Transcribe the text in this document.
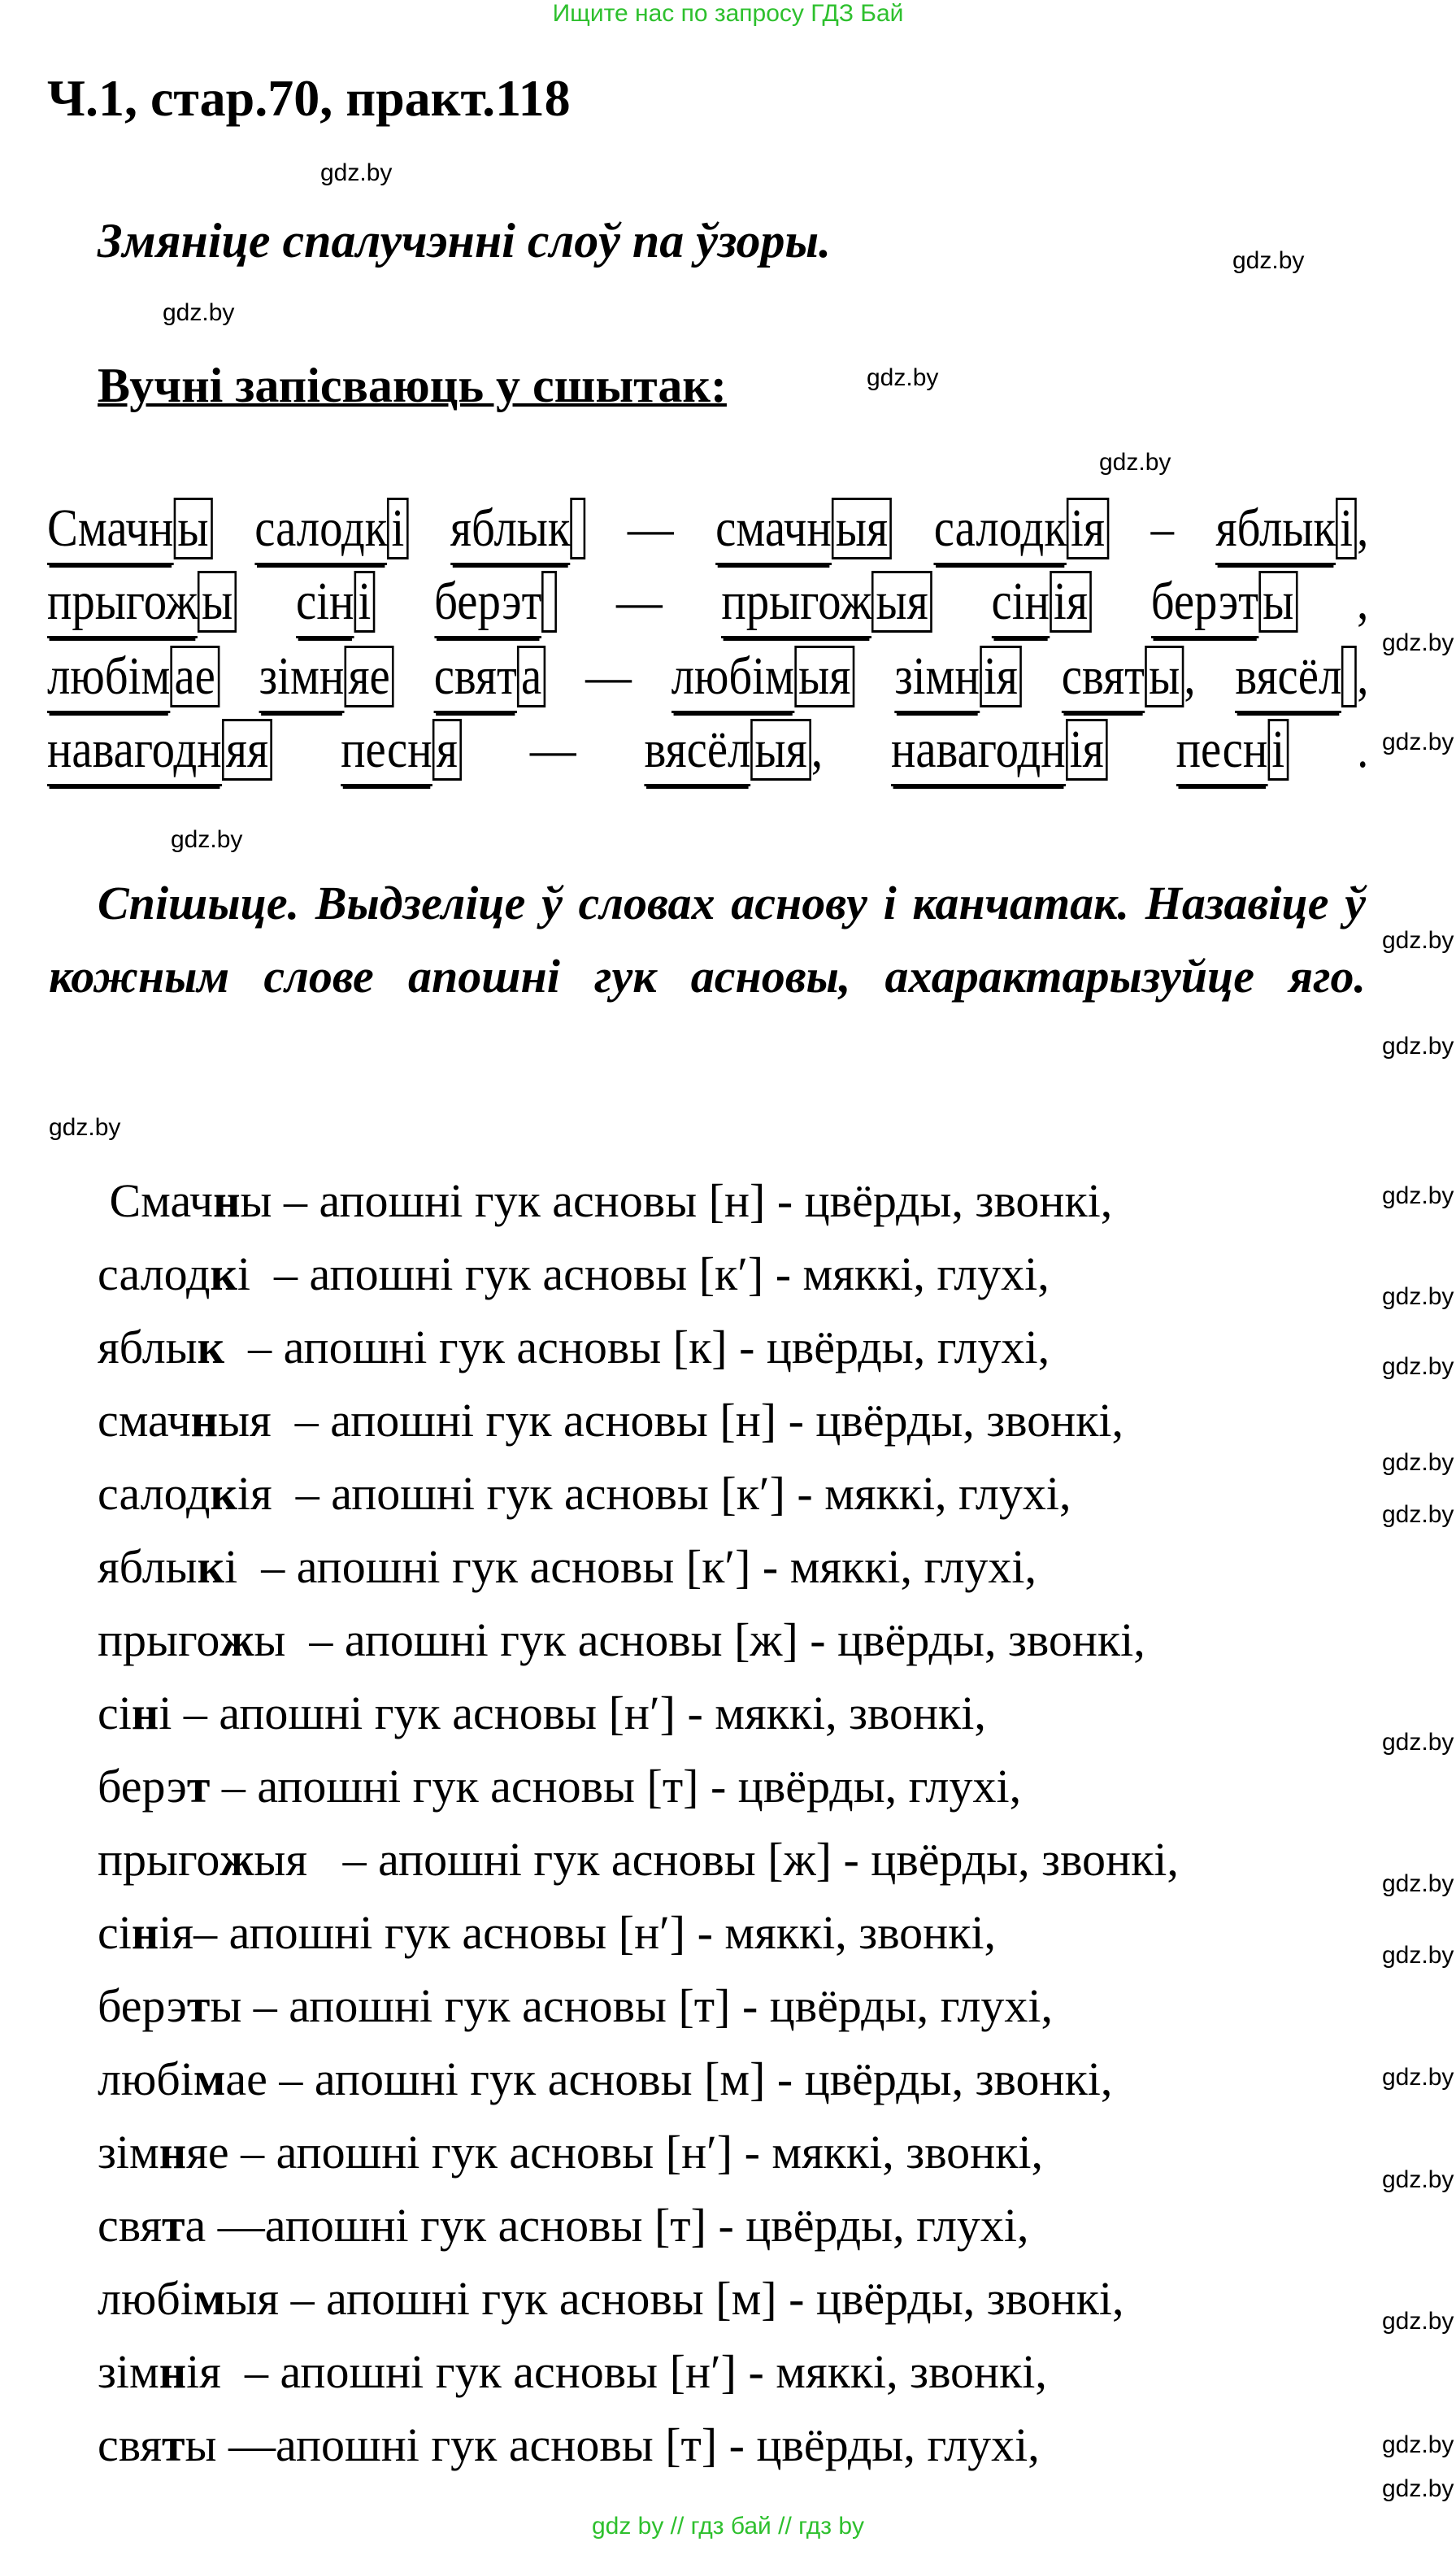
Ищите нас по запросу ГДЗ Бай
Ч.1, стар.70, практ.118
Змяніце спалучэнні слоў па ўзоры.
Вучні запісваюць у сшытак:
Смачн ы салодк і яблык — смачн ыя салодк ія – яблык і ,
прыгож ы сін і берэт — прыгож ыя сін ія берэт ы ,
любім ае зімн яе свят а — любім ыя зімн ія свят ы , вясёл ,
навагодн яя песн я — вясёл ыя , навагодн ія песн і .
Спішыце. Выдзеліце ў словах аснову і канчатак. Назавіце ў кожным слове апошні гук асновы, ахарактарызуйце яго.
Смачны – апошні гук асновы [н] - цвёрды, звонкі,
салодкі  – апошні гук асновы [к′] - мяккі, глухі,
яблык  – апошні гук асновы [к] - цвёрды, глухі,
смачныя  – апошні гук асновы [н] - цвёрды, звонкі,
салодкія  – апошні гук асновы [к′] - мяккі, глухі,
яблыкі  – апошні гук асновы [к′] - мяккі, глухі,
прыгожы  – апошні гук асновы [ж] - цвёрды, звонкі,
сіні – апошні гук асновы [н′] - мяккі, звонкі,
берэт – апошні гук асновы [т] - цвёрды, глухі,
прыгожыя   – апошні гук асновы [ж] - цвёрды, звонкі,
сінія– апошні гук асновы [н′] - мяккі, звонкі,
берэты – апошні гук асновы [т] - цвёрды, глухі,
любімае – апошні гук асновы [м] - цвёрды, звонкі,
зімняе – апошні гук асновы [н′] - мяккі, звонкі,
свята —апошні гук асновы [т] - цвёрды, глухі,
любімыя – апошні гук асновы [м] - цвёрды, звонкі,
зімнія  – апошні гук асновы [н′] - мяккі, звонкі,
святы —апошні гук асновы [т] - цвёрды, глухі,
gdz.by
gdz.by
gdz.by
gdz.by
gdz.by
gdz.by
gdz.by
gdz.by
gdz.by
gdz.by
gdz.by
gdz.by
gdz.by
gdz.by
gdz.by
gdz.by
gdz.by
gdz.by
gdz.by
gdz.by
gdz.by
gdz.by
gdz.by
gdz.by
gdz by // гдз бай // гдз by
